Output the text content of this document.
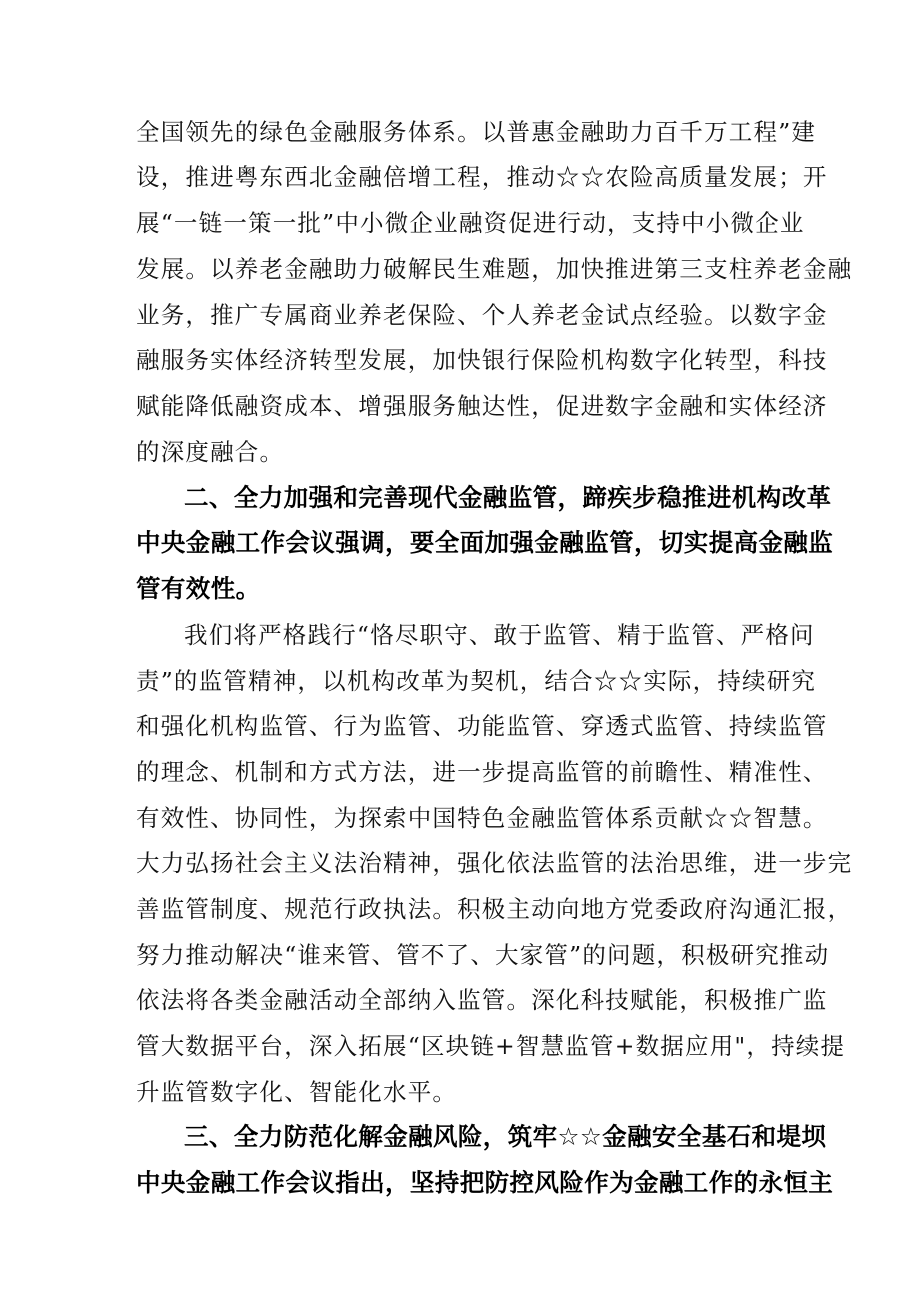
全国领先的绿色金融服务体系。以普惠金融助力百千万工程”建
设，推进粤东西北金融倍增工程，推动☆☆农险高质量发展；开
展“一链一策一批”中小微企业融资促进行动，支持中小微企业
发展。以养老金融助力破解民生难题，加快推进第三支柱养老金融
业务，推广专属商业养老保险、个人养老金试点经验。以数字金
融服务实体经济转型发展，加快银行保险机构数字化转型，科技
赋能降低融资成本、增强服务触达性，促进数字金融和实体经济
的深度融合。
二、全力加强和完善现代金融监管，蹄疾步稳推进机构改革
中央金融工作会议强调，要全面加强金融监管，切实提高金融监
管有效性。
我们将严格践行“恪尽职守、敢于监管、精于监管、严格问
责”的监管精神，以机构改革为契机，结合☆☆实际，持续研究
和强化机构监管、行为监管、功能监管、穿透式监管、持续监管
的理念、机制和方式方法，进一步提高监管的前瞻性、精准性、
有效性、协同性，为探索中国特色金融监管体系贡献☆☆智慧。
大力弘扬社会主义法治精神，强化依法监管的法治思维，进一步完
善监管制度、规范行政执法。积极主动向地方党委政府沟通汇报，
努力推动解决“谁来管、管不了、大家管”的问题，积极研究推动
依法将各类金融活动全部纳入监管。深化科技赋能，积极推广监
管大数据平台，深入拓展“区块链+智慧监管+数据应用"，持续提
升监管数字化、智能化水平。
三、全力防范化解金融风险，筑牢☆☆金融安全基石和堤坝
中央金融工作会议指出，坚持把防控风险作为金融工作的永恒主
